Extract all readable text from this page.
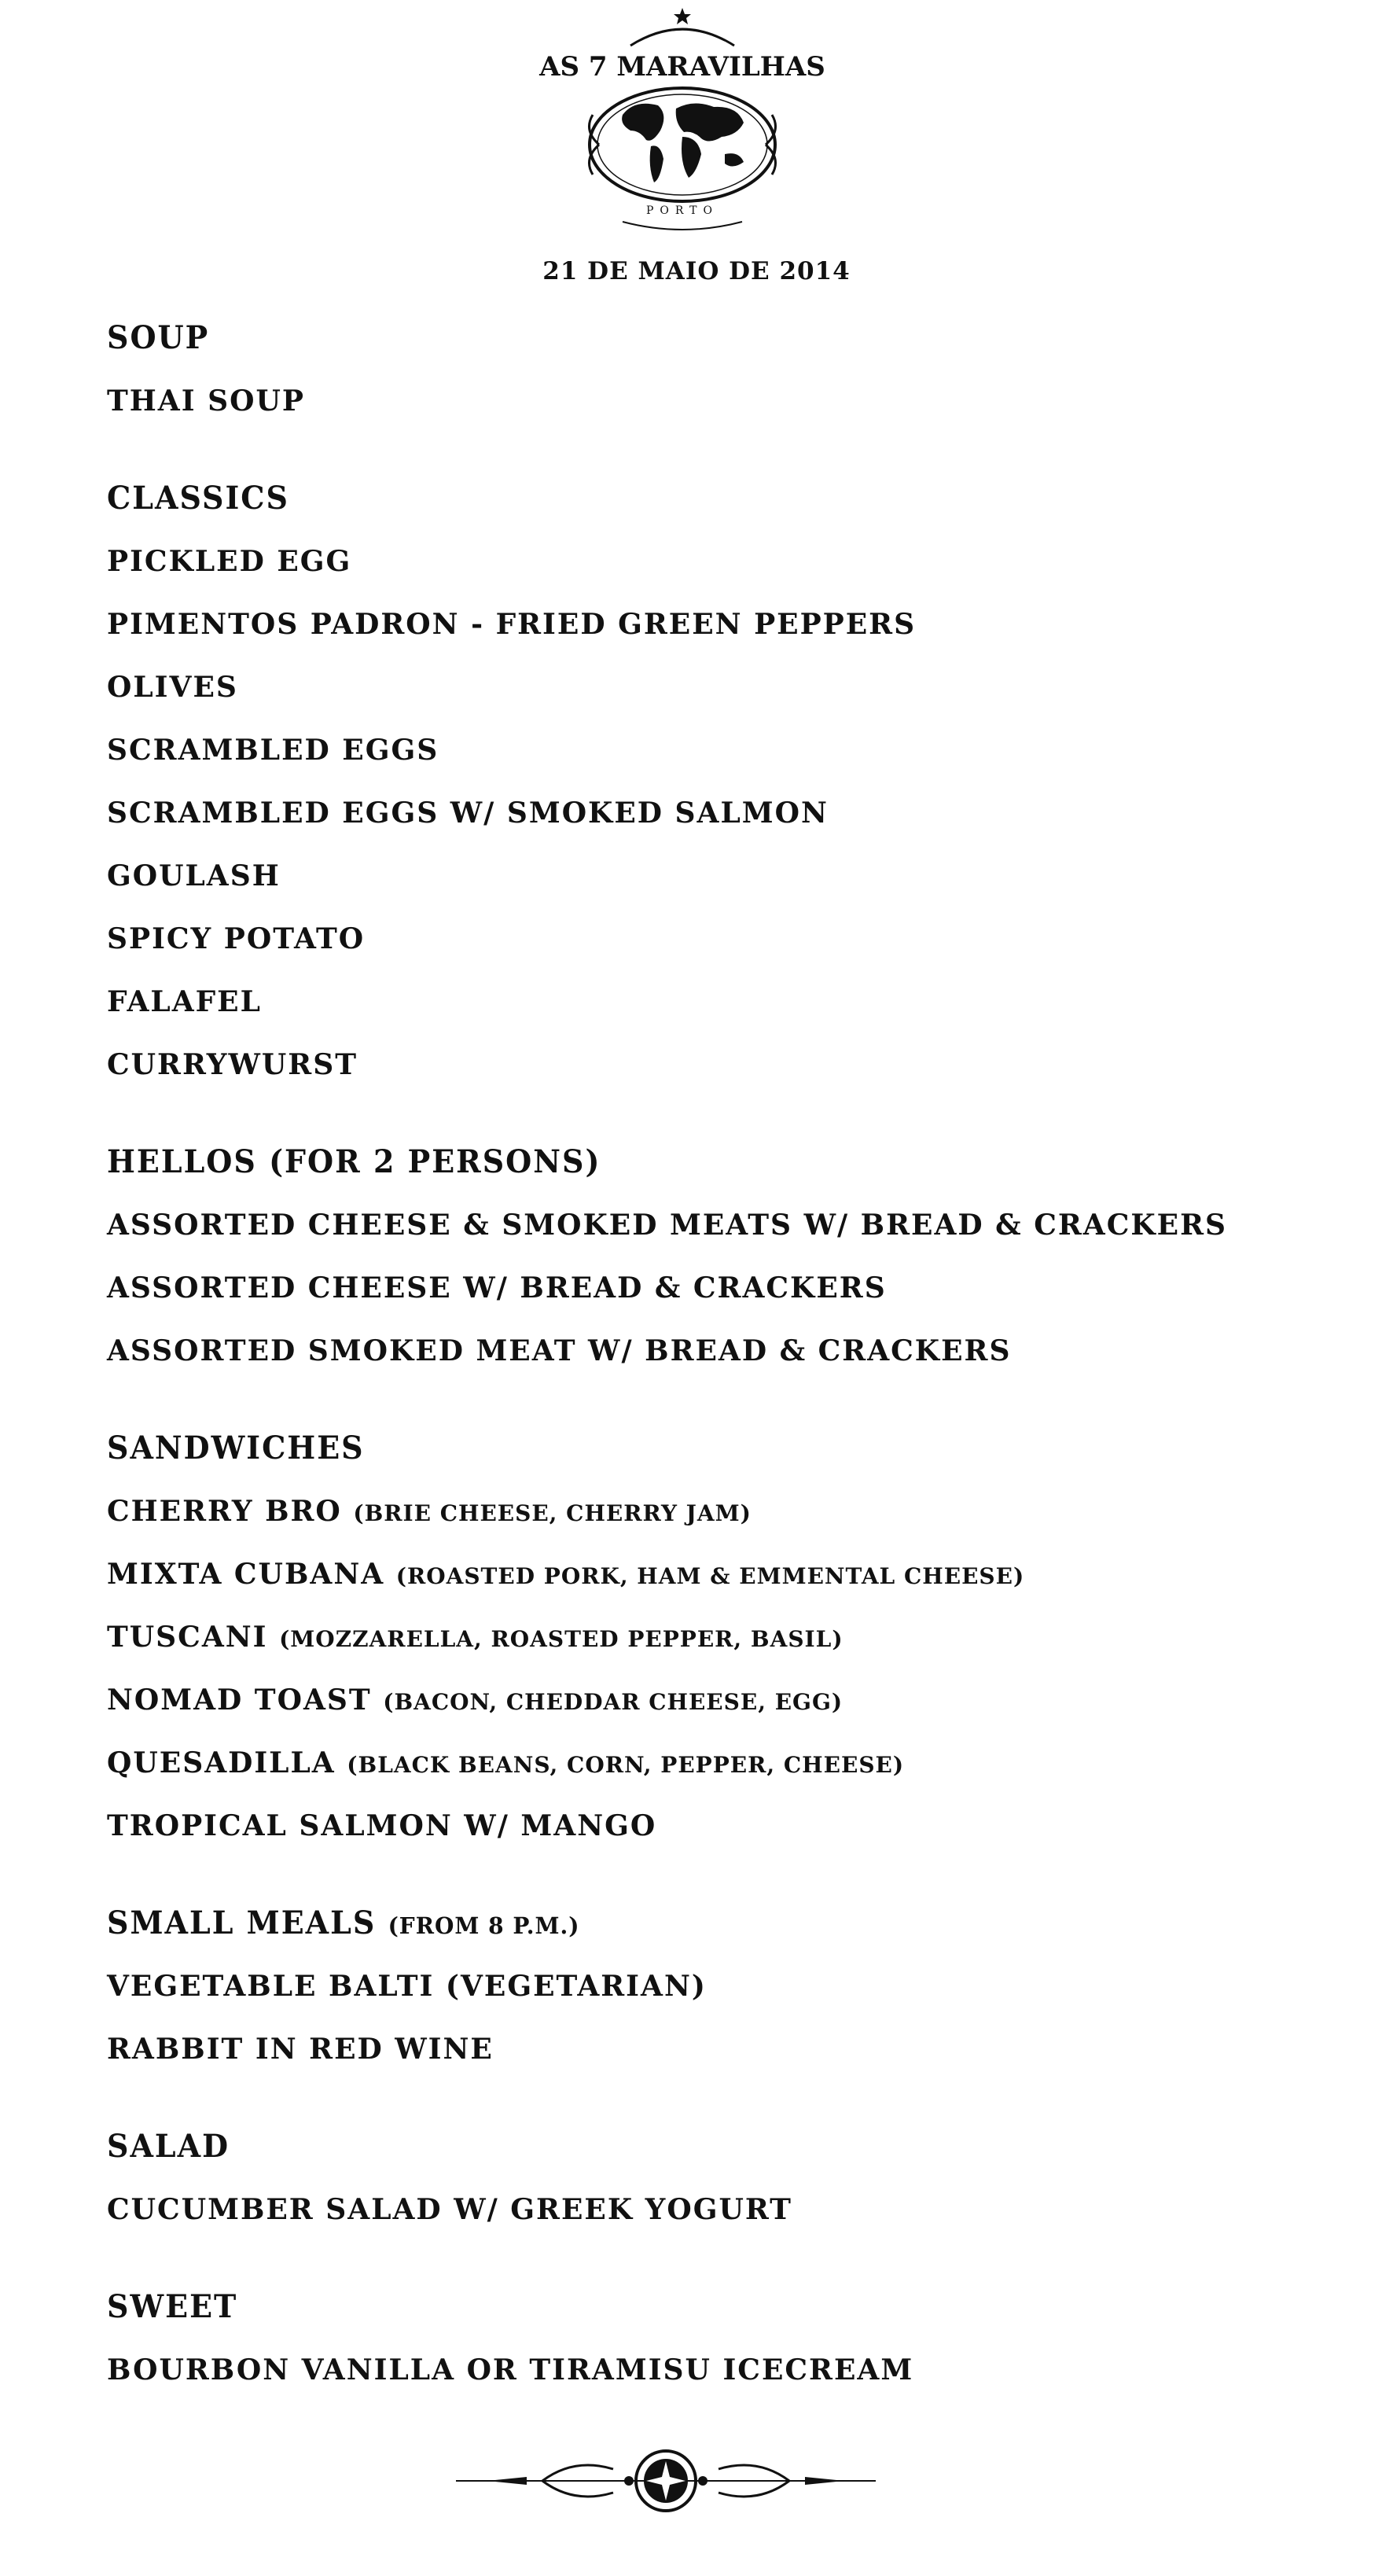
AS 7 MARAVILHAS
PORTO
21 DE MAIO DE 2014
SOUP
THAI SOUP
CLASSICS
PICKLED EGG
PIMENTOS PADRON - FRIED GREEN PEPPERS
OLIVES
SCRAMBLED EGGS
SCRAMBLED EGGS W/ SMOKED SALMON
GOULASH
SPICY POTATO
FALAFEL
CURRYWURST
HELLOS (FOR 2 PERSONS)
ASSORTED CHEESE & SMOKED MEATS W/ BREAD & CRACKERS
ASSORTED CHEESE W/ BREAD & CRACKERS
ASSORTED SMOKED MEAT W/ BREAD & CRACKERS
SANDWICHES
CHERRY BRO (BRIE CHEESE, CHERRY JAM)
MIXTA CUBANA (ROASTED PORK, HAM & EMMENTAL CHEESE)
TUSCANI (MOZZARELLA, ROASTED PEPPER, BASIL)
NOMAD TOAST (BACON, CHEDDAR CHEESE, EGG)
QUESADILLA (BLACK BEANS, CORN, PEPPER, CHEESE)
TROPICAL SALMON W/ MANGO
SMALL MEALS (FROM 8 P.M.)
VEGETABLE BALTI (VEGETARIAN)
RABBIT IN RED WINE
SALAD
CUCUMBER SALAD W/ GREEK YOGURT
SWEET
BOURBON VANILLA OR TIRAMISU ICECREAM
